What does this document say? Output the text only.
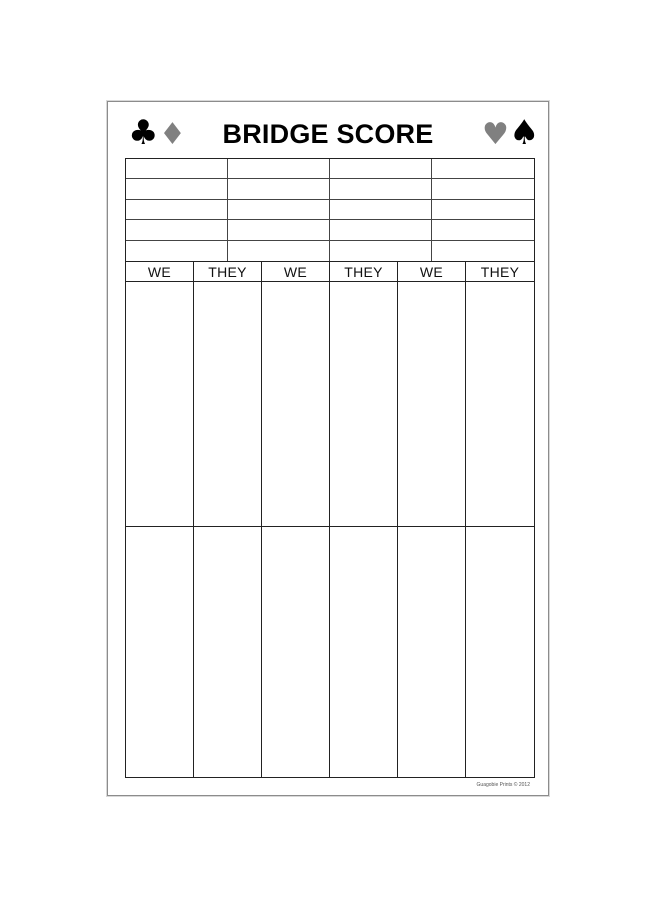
♣ ♦	BRIDGE SCORE	♥ ♠
WE	THEY	WE	THEY	WE	THEY
Guagobie Prints © 2012
